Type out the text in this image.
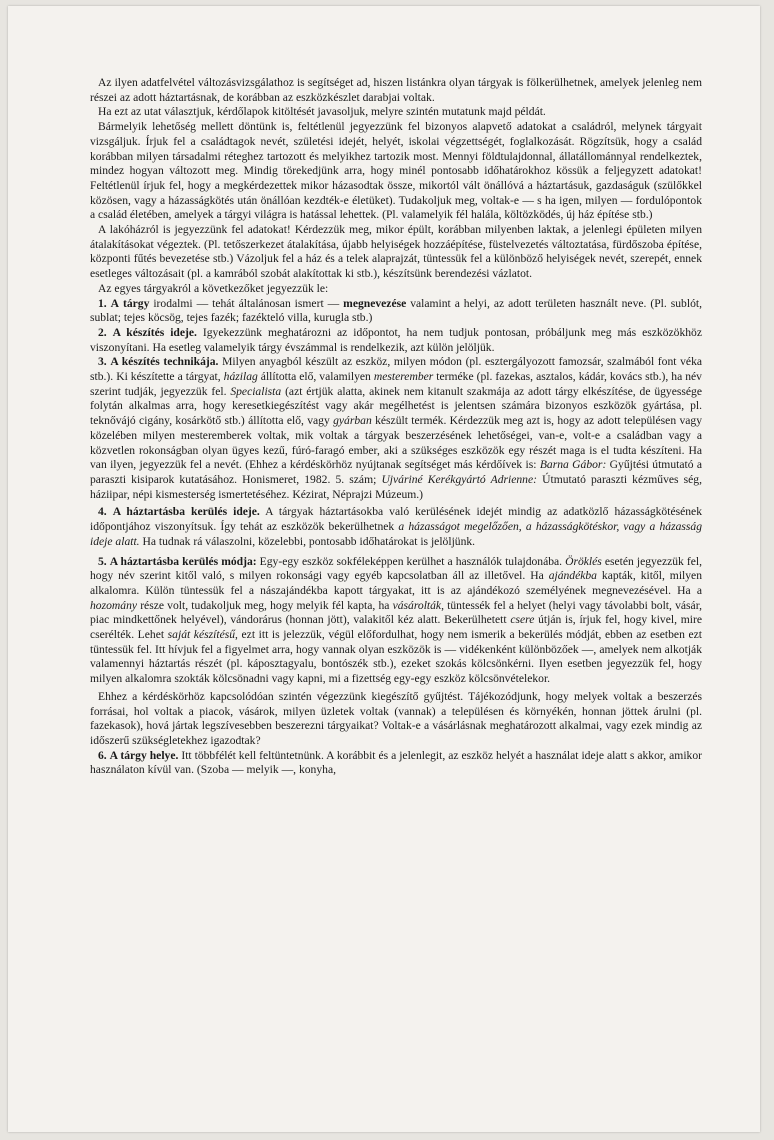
Az ilyen adatfelvétel változásvizsgálathoz is segítséget ad, hiszen listánkra olyan tárgyak is fölkerülhetnek, amelyek jelenleg nem részei az adott háztartásnak, de korábban az eszközkészlet darabjai voltak.

Ha ezt az utat választjuk, kérdőlapok kitöltését javasoljuk, melyre szintén mutatunk majd példát.

Bármelyik lehetőség mellett döntünk is, feltétlenül jegyezzünk fel bizonyos alapvető adatokat a családról, melynek tárgyait vizsgáljuk. Írjuk fel a családtagok nevét, születési idejét, helyét, iskolai végzettségét, foglalkozását. Rögzítsük, hogy a család korábban milyen társadalmi réteghez tartozott és melyikhez tartozik most. Mennyi földtulajdonnal, állatállománnyal rendelkeztek, mindez hogyan változott meg. Mindig törekedjünk arra, hogy minél pontosabb időhatárokhoz kössük a feljegyzett adatokat! Feltétlenül írjuk fel, hogy a megkérdezettek mikor házasodtak össze, mikortól vált önállóvá a háztartásuk, gazdaságuk (szülőkkel közösen, vagy a házasságkötés után önállóan kezdték-e életüket). Tudakoljuk meg, voltak-e — s ha igen, milyen — fordulópontok a család életében, amelyek a tárgyi világra is hatással lehettek. (Pl. valamelyik fél halála, költözködés, új ház építése stb.)

A lakóházról is jegyezzünk fel adatokat! Kérdezzük meg, mikor épült, korábban milyenben laktak, a jelenlegi épületen milyen átalakításokat végeztek. (Pl. tetőszerkezet átalakítása, újabb helyiségek hozzáépítése, füstelvezetés változtatása, fürdőszoba építése, központi fűtés bevezetése stb.) Vázoljuk fel a ház és a telek alaprajzát, tüntessük fel a különböző helyiségek nevét, szerepét, ennek esetleges változásait (pl. a kamrából szobát alakítottak ki stb.), készítsünk berendezési vázlatot.

Az egyes tárgyakról a következőket jegyezzük le:

1. A tárgy irodalmi — tehát általánosan ismert — megnevezése valamint a helyi, az adott területen használt neve. (Pl. sublót, sublat; tejes köcsög, teјes fazék; fazékteló villa, kurugla stb.)

2. A készítés ideje. Igyekezzünk meghatározni az időpontot, ha nem tudjuk pontosan, próbáljunk meg más eszközökhöz viszonyítani. Ha esetleg valamelyik tárgy évszámmal is rendelkezik, azt külön jelöljük.

3. A készítés technikája. Milyen anyagból készült az eszköz, milyen módon (pl. esztergályozott famozsár, szalmából font véka stb.). Ki készítette a tárgyat, házilag állította elő, valamilyen mesterember terméke (pl. fazekas, asztalos, kádár, kovács stb.), ha név szerint tudják, jegyezzük fel. Specialista (azt értjük alatta, akinek nem kitanult szakmája az adott tárgy elkészítése, de ügyessége folytán alkalmas arra, hogy keresetkiegészítést vagy akár megélhetést is jelentsen számára bizonyos eszközök gyártása, pl. teknővájó cigány, kosárkötő stb.) állította elő, vagy gyárban készült termék. Kérdezzük meg azt is, hogy az adott településen vagy közelében milyen mesteremberek voltak, mik voltak a tárgyak beszerzésének lehetőségei, van-e, volt-e a családban vagy a közvetlen rokonságban olyan ügyes kezű, fúró-faragó ember, aki a szükséges eszközök egy részét maga is el tudta készíteni. Ha van ilyen, jegyezzük fel a nevét. (Ehhez a kérdéskörhöz nyújtanak segítséget más kérdőívek is: Barna Gábor: Gyűjtési útmutató a paraszti kisiparok kutatásához. Honismeret, 1982. 5. szám; Ujváriné Kerékgyártó Adrienne: Útmutató paraszti kézműves ség, háziipar, népi kismesterség ismertetéséhez. Kézirat, Néprajzi Múzeum.)

4. A háztartásba kerülés ideje. A tárgyak háztartásokba való kerülésének idejét mindig az adatközlő házasságkötésének időpontjához viszonyítsuk. Így tehát az eszközök bekerülhetnek a házasságot megelőzően, a házasságkötéskor, vagy a házasság ideje alatt. Ha tudnak rá válaszolni, közelebbi, pontosabb időhatárokat is jelöljünk.

5. A háztartásba kerülés módja: Egy-egy eszköz sokféleképpen kerülhet a használók tulajdonába. Öröklés esetén jegyezzük fel, hogy név szerint kitől való, s milyen rokonsági vagy egyéb kapcsolatban áll az illetővel. Ha ajándékba kapták, kitől, milyen alkalomra. Külön tüntessük fel a nászajándékba kapott tárgyakat, itt is az ajándékozó személyének megnevezésével. Ha a hozomány része volt, tudakoljuk meg, hogy melyik fél kapta, ha vásárolták, tüntessék fel a helyet (helyi vagy távolabbi bolt, vásár, piac mindkettőnek helyével), vándorárus (honnan jött), valakitől kéz alatt. Bekerülhetett csere útján is, írjuk fel, hogy kivel, mire cserélték. Lehet saját készítésű, ezt itt is jelezzük, végül előfordulhat, hogy nem ismerik a bekerülés módját, ebben az esetben ezt tüntessük fel. Itt hívjuk fel a figyelmet arra, hogy vannak olyan eszközök is — vidékenként különbözőek —, amelyek nem alkotják valamennyi háztartás részét (pl. káposztagyalu, bontószék stb.), ezeket szokás kölcsönkérni. Ilyen esetben jegyezzük fel, hogy milyen alkalomra szokták kölcsönadni vagy kapni, mi a fizettség egy-egy eszköz kölcsönvételekor.

Ehhez a kérdéskörhöz kapcsolódóan szintén végezzünk kiegészítő gyűjtést. Tájékozódjunk, hogy melyek voltak a beszerzés forrásai, hol voltak a piacok, vásárok, milyen üzletek voltak (vannak) a településen és környékén, honnan jöttek árulni (pl. fazekasok), hová jártak legszívesebben beszerezni tárgyaikat? Voltak-e a vásárlásnak meghatározott alkalmai, vagy ezek mindig az időszerű szükségletekhez igazodtak?

6. A tárgy helye. Itt többfélét kell feltüntetnünk. A korábbit és a jelenlegit, az eszköz helyét a használat ideje alatt s akkor, amikor használaton kívül van. (Szoba — melyik —, konyha,
